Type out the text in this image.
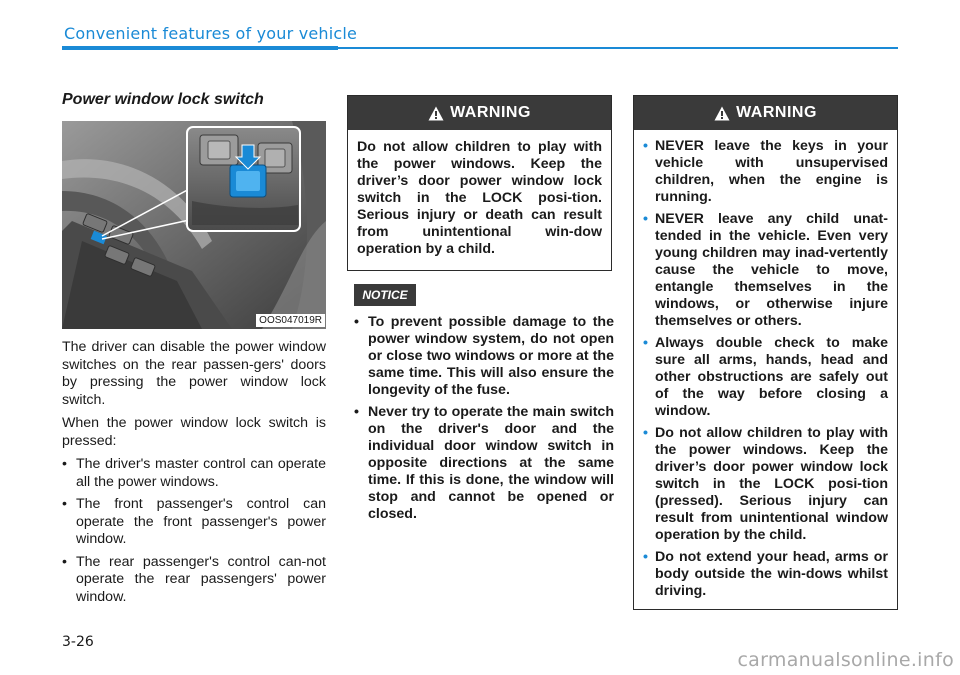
Convenient features of your vehicle
Power window lock switch
OOS047019R

The driver can disable the power window switches on the rear passen-gers' doors by pressing the power window lock switch.

When the power window lock switch is pressed:

• The driver's master control can operate all the power windows.
• The front passenger's control can operate the front passenger's power window.
• The rear passenger's control can-not operate the rear passengers' power window.
WARNING
Do not allow children to play with the power windows. Keep the driver’s door power window lock switch in the LOCK posi-tion. Serious injury or death can result from unintentional win-dow operation by a child.
NOTICE
• To prevent possible damage to the power window system, do not open or close two windows or more at the same time. This will also ensure the longevity of the fuse.
• Never try to operate the main switch on the driver's door and the individual door window switch in opposite directions at the same time. If this is done, the window will stop and cannot be opened or closed.
WARNING
• NEVER leave the keys in your vehicle with unsupervised children, when the engine is running.
• NEVER leave any child unat-tended in the vehicle. Even very young children may inad-vertently cause the vehicle to move, entangle themselves in the windows, or otherwise injure themselves or others.
• Always double check to make sure all arms, hands, head and other obstructions are safely out of the way before closing a window.
• Do not allow children to play with the power windows. Keep the driver’s door power window lock switch in the LOCK posi-tion (pressed). Serious injury can result from unintentional window operation by the child.
• Do not extend your head, arms or body outside the win-dows whilst driving.
3-26
carmanualsonline.info
